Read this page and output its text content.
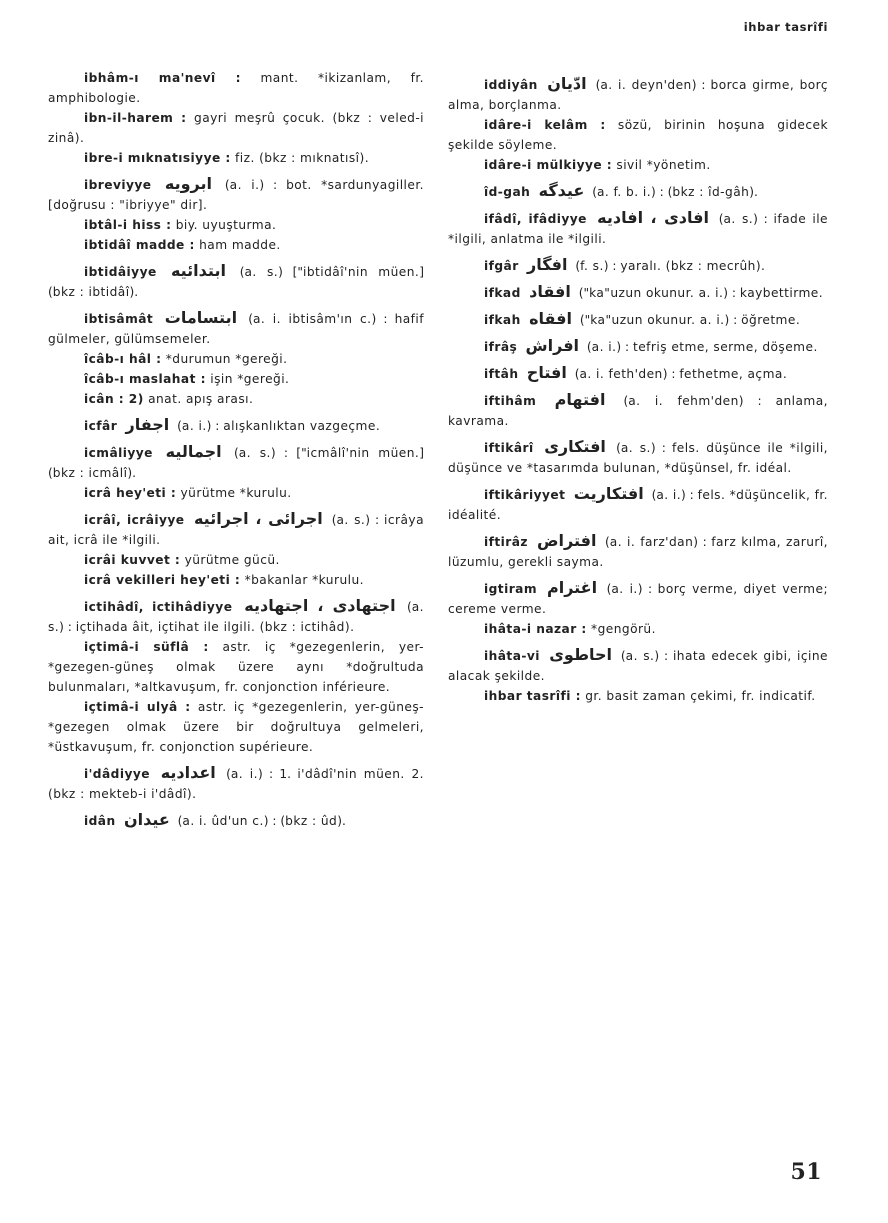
ihbar tasrîfi

ibhâm-ı ma'nevî : mant. *ikizanlam, fr. amphibologie.

ibn-il-harem : gayri meşrû çocuk. (bkz : veled-i zinâ).

ibre-i mıknatısiyye : fiz. (bkz : mıknatısî).

ibreviyye ابرويه (a. i.) : bot. *sardunyagiller. [doğrusu : "ibriyye" dir].

ibtâl-i hiss : biy. uyuşturma.

ibtidâî madde : ham madde.

ibtidâiyye ابتدائيه (a. s.) ["ibtidâî'nin müen.] (bkz : ibtidâî).

ibtisâmât ابتسامات (a. i. ibtisâm'ın c.) : hafif gülmeler, gülümsemeler.

îcâb-ı hâl : *durumun *gereği.

îcâb-ı maslahat : işin *gereği.

icân : 2) anat. apış arası.

icfâr اجفار (a. i.) : alışkanlıktan vazgeçme.

icmâliyye اجماليه (a. s.) : ["icmâlî'nin müen.] (bkz : icmâlî).

icrâ hey'eti : yürütme *kurulu.

icrâî, icrâiyye اجرائى ، اجرائيه (a. s.) : icrâya ait, icrâ ile *ilgili.

icrâi kuvvet : yürütme gücü.

icrâ vekilleri hey'eti : *bakanlar *kurulu.

ictihâdî, ictihâdiyye اجتهادى ، اجتهاديه (a. s.) : içtihada âit, içtihat ile ilgili. (bkz : ictihâd).

içtimâ-i süflâ : astr. iç *gezegenlerin, yer-*gezegen-güneş olmak üzere aynı *doğrultuda bulunmaları, *altkavuşum, fr. conjonction inférieure.

içtimâ-i ulyâ : astr. iç *gezegenlerin, yer-güneş-*gezegen olmak üzere bir doğrultuya gelmeleri, *üstkavuşum, fr. conjonction supérieure.

i'dâdiyye اعداديه (a. i.) : 1. i'dâdî'nin müen. 2. (bkz : mekteb-i i'dâdî).

idân عيدان (a. i. ûd'un c.) : (bkz : ûd).

iddiyân ادّيان (a. i. deyn'den) : borca girme, borç alma, borçlanma.

idâre-i kelâm : sözü, birinin hoşuna gidecek şekilde söyleme.

idâre-i mülkiyye : sivil *yönetim.

îd-gah عيدگه (a. f. b. i.) : (bkz : îd-gâh).

ifâdî, ifâdiyye افادى ، افاديه (a. s.) : ifade ile *ilgili, anlatma ile *ilgili.

ifgâr افگار (f. s.) : yaralı. (bkz : mecrûh).

ifkad افقاد ("ka"uzun okunur. a. i.) : kaybettirme.

ifkah افقاه ("ka"uzun okunur. a. i.) : öğretme.

ifrâş افراش (a. i.) : tefriş etme, serme, döşeme.

iftâh افتاح (a. i. feth'den) : fethetme, açma.

iftihâm افتهام (a. i. fehm'den) : anlama, kavrama.

iftikârî افتكارى (a. s.) : fels. düşünce ile *ilgili, düşünce ve *tasarımda bulunan, *düşünsel, fr. idéal.

iftikâriyyet افتكاريت (a. i.) : fels. *düşüncelik, fr. idéalité.

iftirâz افتراض (a. i. farz'dan) : farz kılma, zarurî, lüzumlu, gerekli sayma.

igtiram اغترام (a. i.) : borç verme, diyet verme; cereme verme.

ihâta-i nazar : *gengörü.

ihâta-vi احاطوى (a. s.) : ihata edecek gibi, içine alacak şekilde.

ihbar tasrîfi : gr. basit zaman çekimi, fr. indicatif.

51
